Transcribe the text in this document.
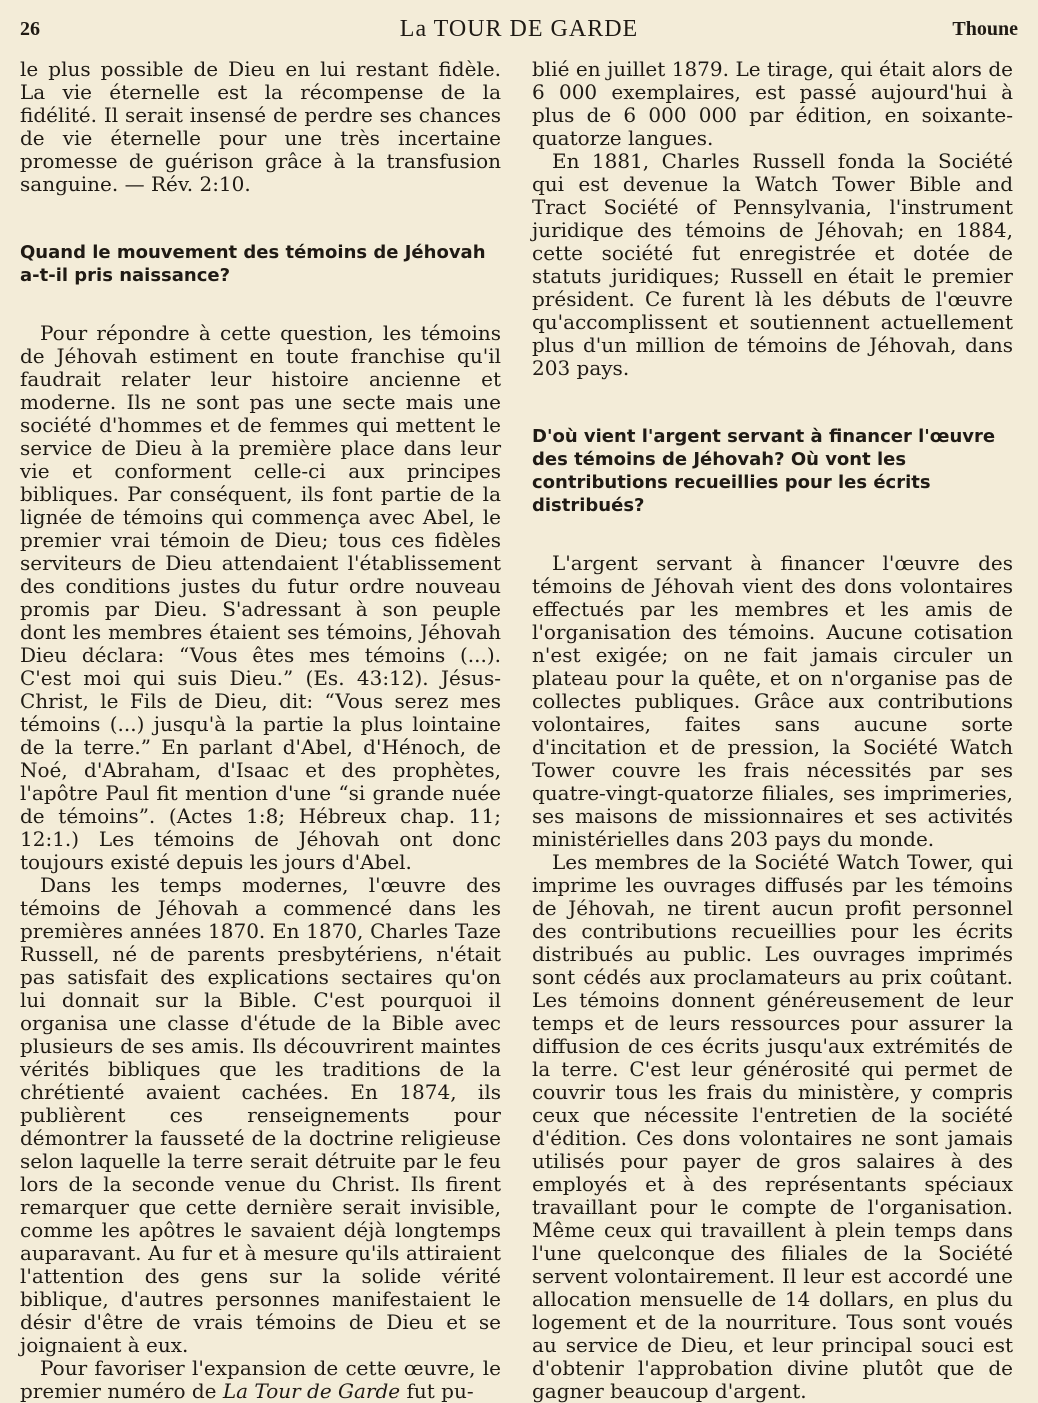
26	La TOUR DE GARDE	Thoune

le plus possible de Dieu en lui restant fidèle. La vie éternelle est la récompense de la fidélité. Il serait insensé de perdre ses chances de vie éternelle pour une très incertaine promesse de guérison grâce à la transfusion sanguine. — Rév. 2:10.

Quand le mouvement des témoins de Jéhovah a-t-il pris naissance?

Pour répondre à cette question, les témoins de Jéhovah estiment en toute franchise qu'il faudrait relater leur histoire ancienne et moderne. Ils ne sont pas une secte mais une société d'hommes et de femmes qui mettent le service de Dieu à la première place dans leur vie et conforment celle-ci aux principes bibliques. Par conséquent, ils font partie de la lignée de témoins qui commença avec Abel, le premier vrai témoin de Dieu; tous ces fidèles serviteurs de Dieu attendaient l'établissement des conditions justes du futur ordre nouveau promis par Dieu. S'adressant à son peuple dont les membres étaient ses témoins, Jéhovah Dieu déclara: “Vous êtes mes témoins (...). C'est moi qui suis Dieu.” (Es. 43:12). Jésus-Christ, le Fils de Dieu, dit: “Vous serez mes témoins (...) jusqu'à la partie la plus lointaine de la terre.” En parlant d'Abel, d'Hénoch, de Noé, d'Abraham, d'Isaac et des prophètes, l'apôtre Paul fit mention d'une “si grande nuée de témoins”. (Actes 1:8; Hébreux chap. 11; 12:1.) Les témoins de Jéhovah ont donc toujours existé depuis les jours d'Abel.

Dans les temps modernes, l'œuvre des témoins de Jéhovah a commencé dans les premières années 1870. En 1870, Charles Taze Russell, né de parents presbytériens, n'était pas satisfait des explications sectaires qu'on lui donnait sur la Bible. C'est pourquoi il organisa une classe d'étude de la Bible avec plusieurs de ses amis. Ils découvrirent maintes vérités bibliques que les traditions de la chrétienté avaient cachées. En 1874, ils publièrent ces renseignements pour démontrer la fausseté de la doctrine religieuse selon laquelle la terre serait détruite par le feu lors de la seconde venue du Christ. Ils firent remarquer que cette dernière serait invisible, comme les apôtres le savaient déjà longtemps auparavant. Au fur et à mesure qu'ils attiraient l'attention des gens sur la solide vérité biblique, d'autres personnes manifestaient le désir d'être de vrais témoins de Dieu et se joignaient à eux.

Pour favoriser l'expansion de cette œuvre, le premier numéro de La Tour de Garde fut pu-

blié en juillet 1879. Le tirage, qui était alors de 6 000 exemplaires, est passé aujourd'hui à plus de 6 000 000 par édition, en soixante-quatorze langues.

En 1881, Charles Russell fonda la Société qui est devenue la Watch Tower Bible and Tract Société of Pennsylvania, l'instrument juridique des témoins de Jéhovah; en 1884, cette société fut enregistrée et dotée de statuts juridiques; Russell en était le premier président. Ce furent là les débuts de l'œuvre qu'accomplissent et soutiennent actuellement plus d'un million de témoins de Jéhovah, dans 203 pays.

D'où vient l'argent servant à financer l'œuvre des témoins de Jéhovah? Où vont les contributions recueillies pour les écrits distribués?

L'argent servant à financer l'œuvre des témoins de Jéhovah vient des dons volontaires effectués par les membres et les amis de l'organisation des témoins. Aucune cotisation n'est exigée; on ne fait jamais circuler un plateau pour la quête, et on n'organise pas de collectes publiques. Grâce aux contributions volontaires, faites sans aucune sorte d'incitation et de pression, la Société Watch Tower couvre les frais nécessités par ses quatre-vingt-quatorze filiales, ses imprimeries, ses maisons de missionnaires et ses activités ministérielles dans 203 pays du monde.

Les membres de la Société Watch Tower, qui imprime les ouvrages diffusés par les témoins de Jéhovah, ne tirent aucun profit personnel des contributions recueillies pour les écrits distribués au public. Les ouvrages imprimés sont cédés aux proclamateurs au prix coûtant. Les témoins donnent généreusement de leur temps et de leurs ressources pour assurer la diffusion de ces écrits jusqu'aux extrémités de la terre. C'est leur générosité qui permet de couvrir tous les frais du ministère, y compris ceux que nécessite l'entretien de la société d'édition. Ces dons volontaires ne sont jamais utilisés pour payer de gros salaires à des employés et à des représentants spéciaux travaillant pour le compte de l'organisation. Même ceux qui travaillent à plein temps dans l'une quelconque des filiales de la Société servent volontairement. Il leur est accordé une allocation mensuelle de 14 dollars, en plus du logement et de la nourriture. Tous sont voués au service de Dieu, et leur principal souci est d'obtenir l'approbation divine plutôt que de gagner beaucoup d'argent.
